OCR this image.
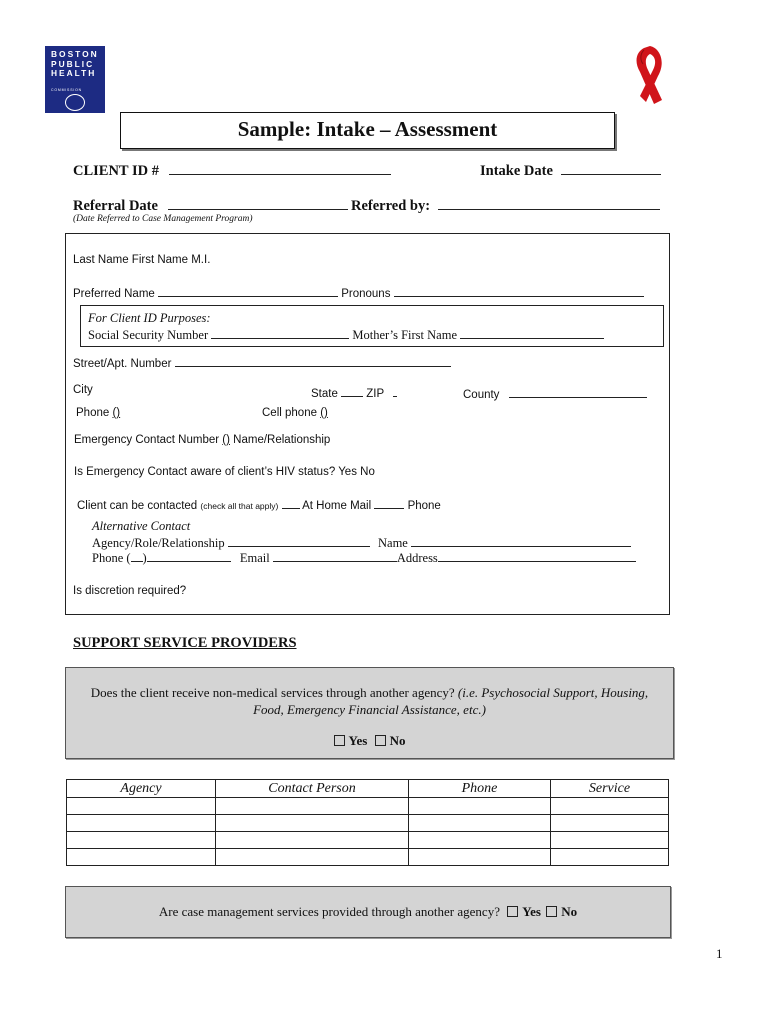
BOSTON
PUBLIC
HEALTH
COMMISSION
Sample: Intake – Assessment
CLIENT ID #	Intake Date
Referral Date	Referred by:
(Date Referred to Case Management Program)
Last Name First Name M.I.
Preferred Name	Pronouns
For Client ID Purposes:
Social Security Number	Mother’s First Name
Street/Apt. Number
City	State ZIP	County
Phone ()	Cell phone ()
Emergency Contact Number () Name/Relationship
Is Emergency Contact aware of client’s HIV status? Yes No
Client can be contacted (check all that apply) At Home Mail	Phone
Alternative Contact
Agency/Role/Relationship	Name
Phone ( )	Email	Address
Is discretion required?
SUPPORT SERVICE PROVIDERS
Does the client receive non-medical services through another agency? (i.e. Psychosocial Support, Housing, Food, Emergency Financial Assistance, etc.)
Yes No
Agency	Contact Person	Phone	Service

Are case management services provided through another agency? Yes No
1
